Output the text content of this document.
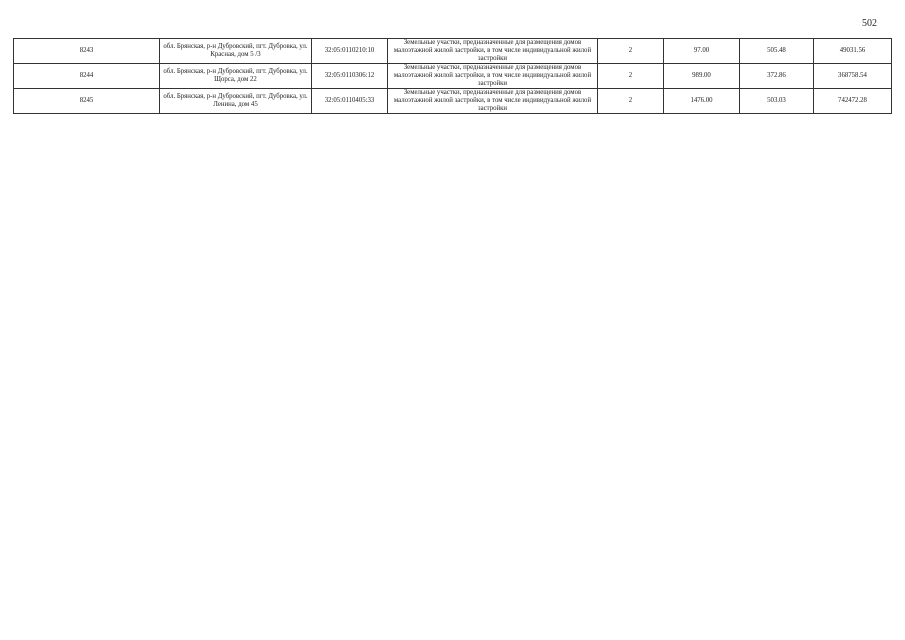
502
8243	обл. Брянская, р-н Дубровский, пгт. Дубровка, ул. Красная, дом 5 /3	32:05:0110210:10	Земельные участки, предназначенные для размещения домов малоэтажной жилой застройки, в том числе индивидуальной жилой застройки	2	97.00	505.48	49031.56
8244	обл. Брянская, р-н Дубровский, пгт. Дубровка, ул. Щорса, дом 22	32:05:0110306:12	Земельные участки, предназначенные для размещения домов малоэтажной жилой застройки, в том числе индивидуальной жилой застройки	2	989.00	372.86	368758.54
8245	обл. Брянская, р-н Дубровский, пгт. Дубровка, ул. Ленина, дом 45	32:05:0110405:33	Земельные участки, предназначенные для размещения домов малоэтажной жилой застройки, в том числе индивидуальной жилой застройки	2	1476.00	503.03	742472.28
